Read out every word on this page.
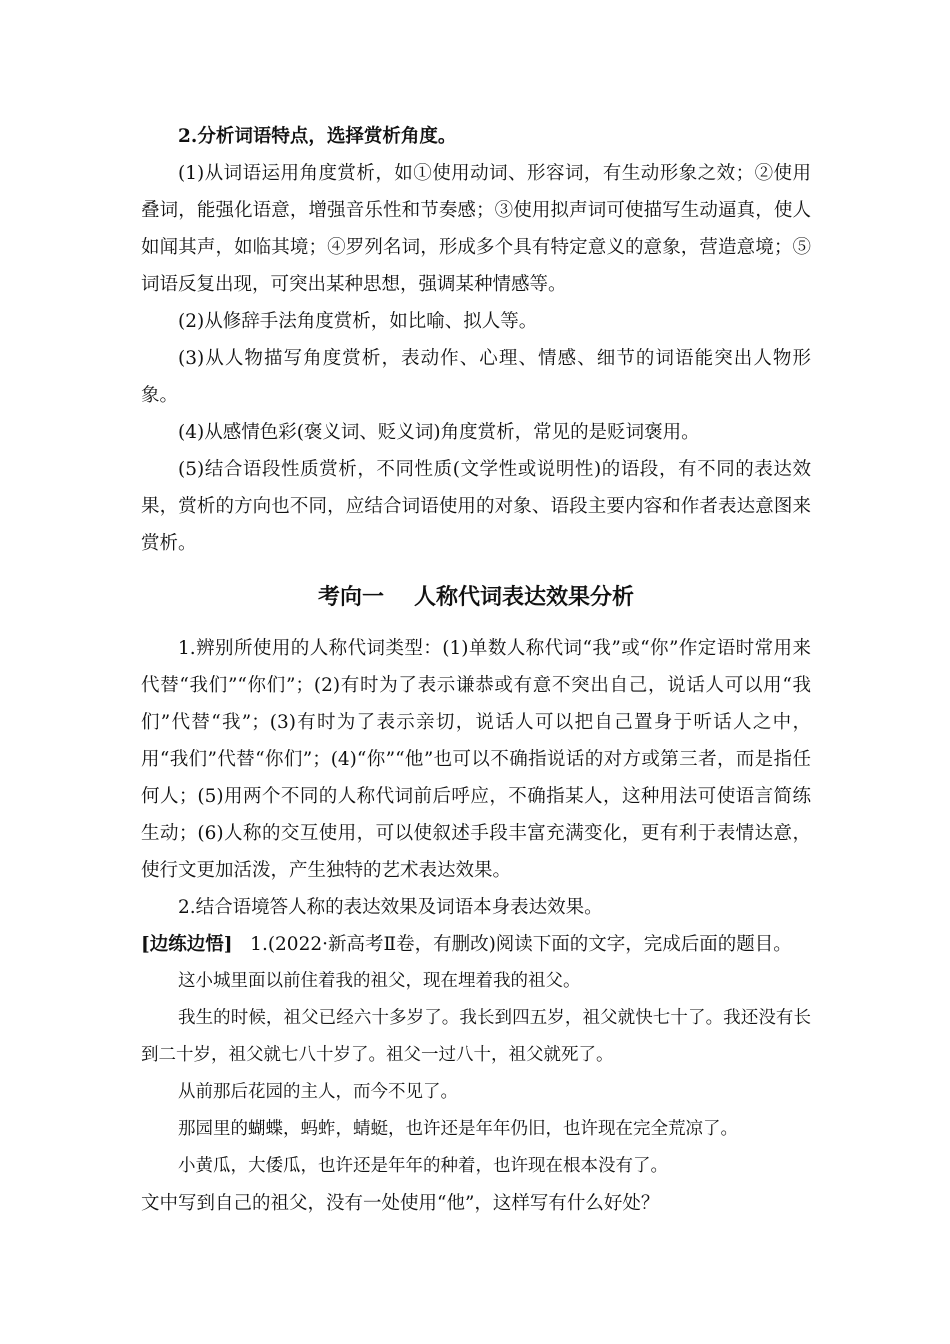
2.分析词语特点，选择赏析角度。

(1)从词语运用角度赏析，如①使用动词、形容词，有生动形象之效；②使用叠词，能强化语意，增强音乐性和节奏感；③使用拟声词可使描写生动逼真，使人如闻其声，如临其境；④罗列名词，形成多个具有特定意义的意象，营造意境；⑤词语反复出现，可突出某种思想，强调某种情感等。

(2)从修辞手法角度赏析，如比喻、拟人等。

(3)从人物描写角度赏析，表动作、心理、情感、细节的词语能突出人物形象。

(4)从感情色彩(褒义词、贬义词)角度赏析，常见的是贬词褒用。

(5)结合语段性质赏析，不同性质(文学性或说明性)的语段，有不同的表达效果，赏析的方向也不同，应结合词语使用的对象、语段主要内容和作者表达意图来赏析。

考向一 人称代词表达效果分析

1.辨别所使用的人称代词类型：(1)单数人称代词“我”或“你”作定语时常用来代替“我们”“你们”；(2)有时为了表示谦恭或有意不突出自己，说话人可以用“我们”代替“我”；(3)有时为了表示亲切，说话人可以把自己置身于听话人之中，用“我们”代替“你们”；(4)“你”“他”也可以不确指说话的对方或第三者，而是指任何人；(5)用两个不同的人称代词前后呼应，不确指某人，这种用法可使语言简练生动；(6)人称的交互使用，可以使叙述手段丰富充满变化，更有利于表情达意，使行文更加活泼，产生独特的艺术表达效果。

2.结合语境答人称的表达效果及词语本身表达效果。

[边练边悟] 1.(2022·新高考Ⅱ卷，有删改)阅读下面的文字，完成后面的题目。

这小城里面以前住着我的祖父，现在埋着我的祖父。

我生的时候，祖父已经六十多岁了。我长到四五岁，祖父就快七十了。我还没有长到二十岁，祖父就七八十岁了。祖父一过八十，祖父就死了。

从前那后花园的主人，而今不见了。

那园里的蝴蝶，蚂蚱，蜻蜓，也许还是年年仍旧，也许现在完全荒凉了。

小黄瓜，大倭瓜，也许还是年年的种着，也许现在根本没有了。

文中写到自己的祖父，没有一处使用“他”，这样写有什么好处？
